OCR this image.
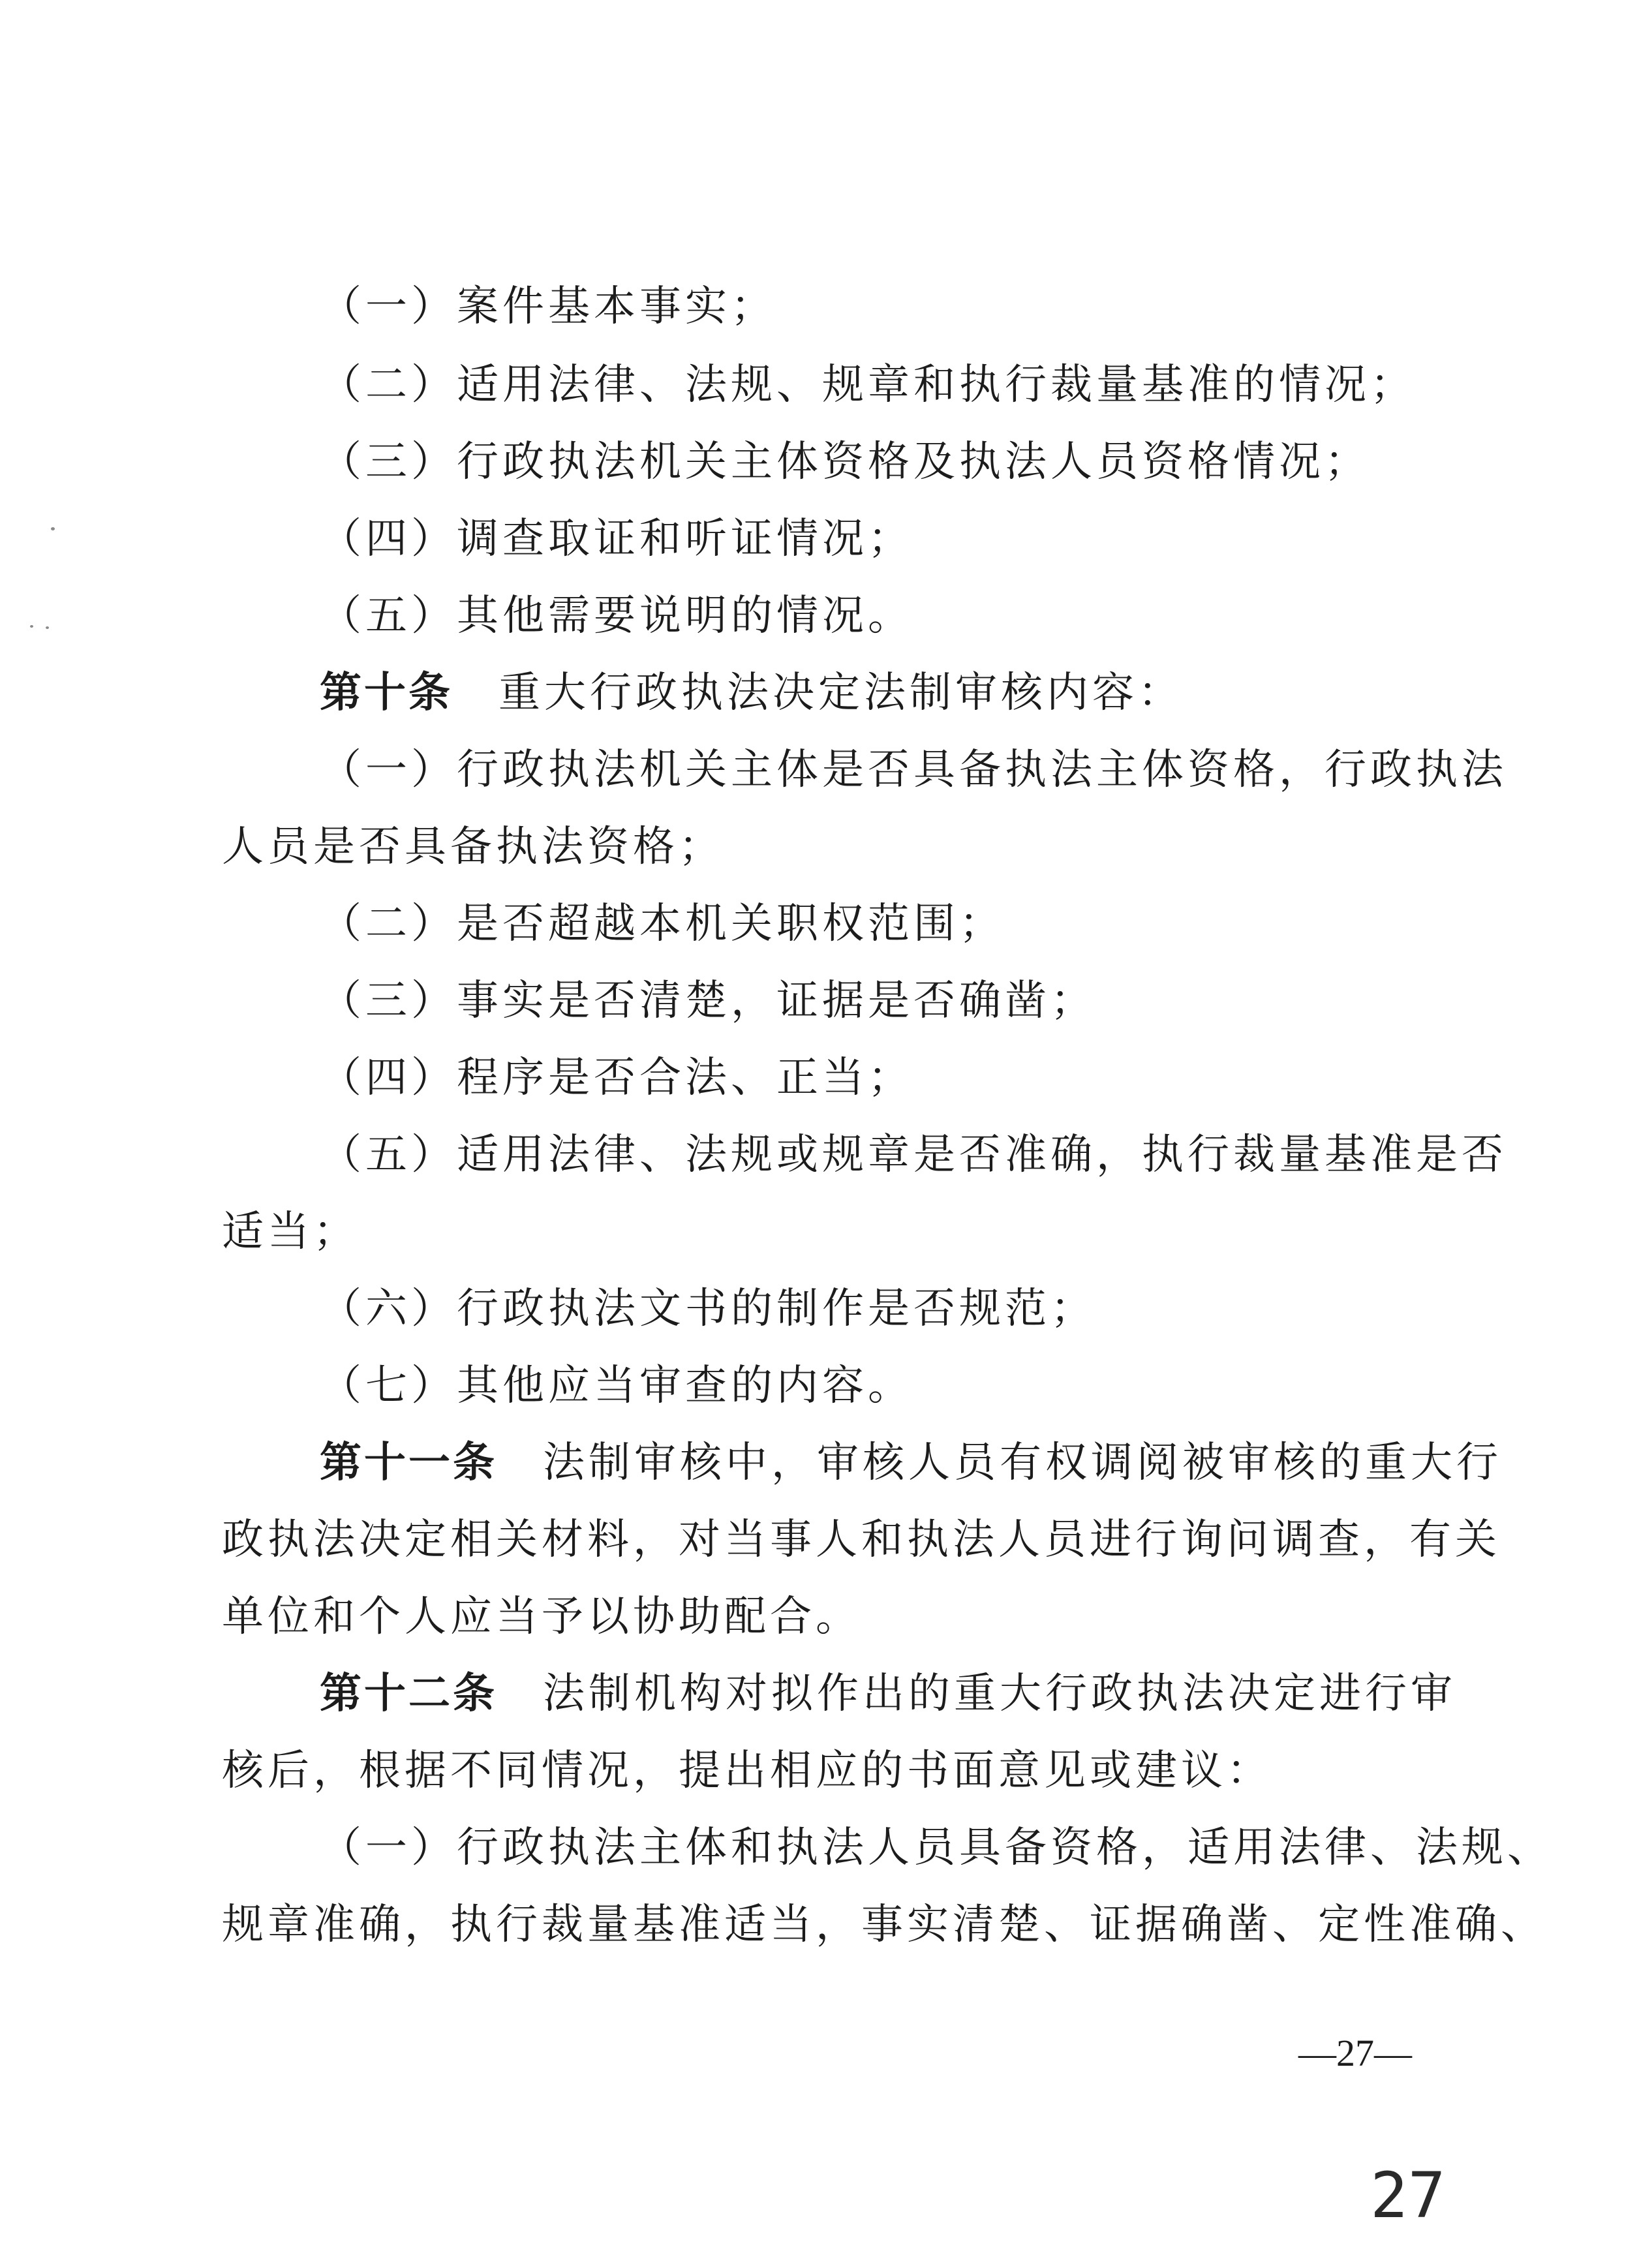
（一）案件基本事实；
（二）适用法律、法规、规章和执行裁量基准的情况；
（三）行政执法机关主体资格及执法人员资格情况；
（四）调查取证和听证情况；
（五）其他需要说明的情况。
第十条　 重大行政执法决定法制审核内容：
（一）行政执法机关主体是否具备执法主体资格，行政执法
人员是否具备执法资格；
（二）是否超越本机关职权范围；
（三）事实是否清楚，证据是否确凿；
（四）程序是否合法、正当；
（五）适用法律、法规或规章是否准确，执行裁量基准是否
适当；
（六）行政执法文书的制作是否规范；
（七）其他应当审查的内容。
第十一条　 法制审核中，审核人员有权调阅被审核的重大行
政执法决定相关材料，对当事人和执法人员进行询问调查，有关
单位和个人应当予以协助配合。
第十二条　 法制机构对拟作出的重大行政执法决定进行审
核后，根据不同情况，提出相应的书面意见或建议：
（一）行政执法主体和执法人员具备资格，适用法律、法规、
规章准确，执行裁量基准适当，事实清楚、证据确凿、定性准确、
—27—
27
